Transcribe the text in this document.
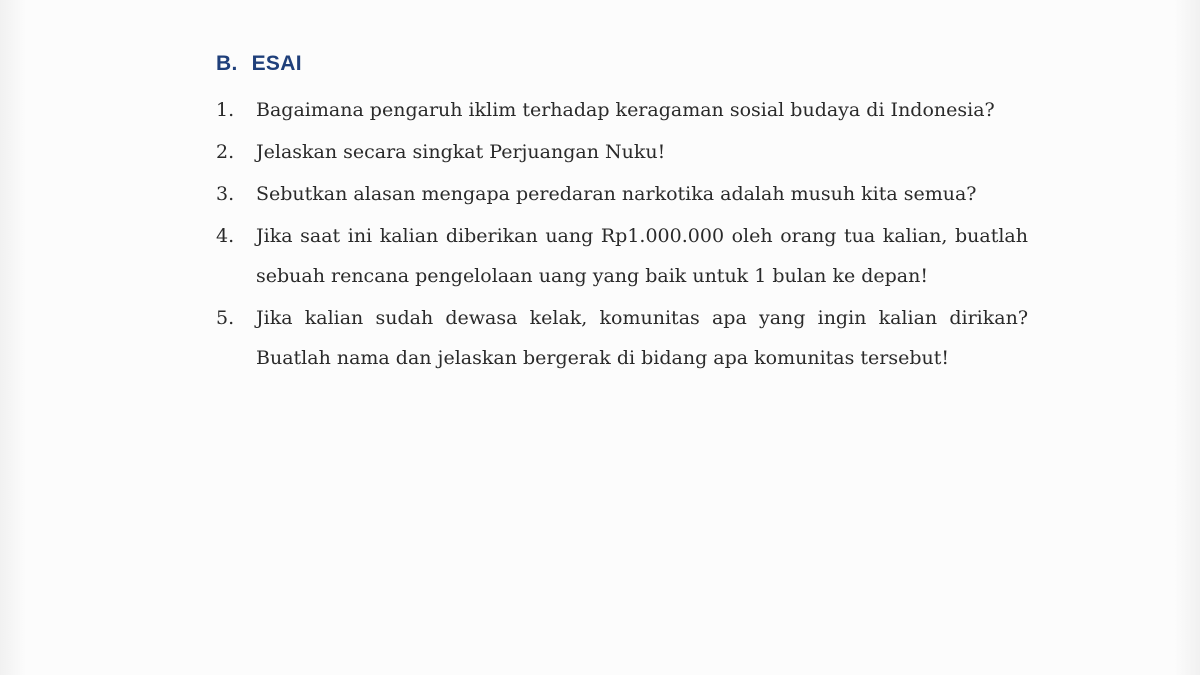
B. ESAI
1.	Bagaimana pengaruh iklim terhadap keragaman sosial budaya di Indonesia?
2.	Jelaskan secara singkat Perjuangan Nuku!
3.	Sebutkan alasan mengapa peredaran narkotika adalah musuh kita semua?
4.	Jika saat ini kalian diberikan uang Rp1.000.000 oleh orang tua kalian, buatlah sebuah rencana pengelolaan uang yang baik untuk 1 bulan ke depan!
5.	Jika kalian sudah dewasa kelak, komunitas apa yang ingin kalian dirikan? Buatlah nama dan jelaskan bergerak di bidang apa komunitas tersebut!
